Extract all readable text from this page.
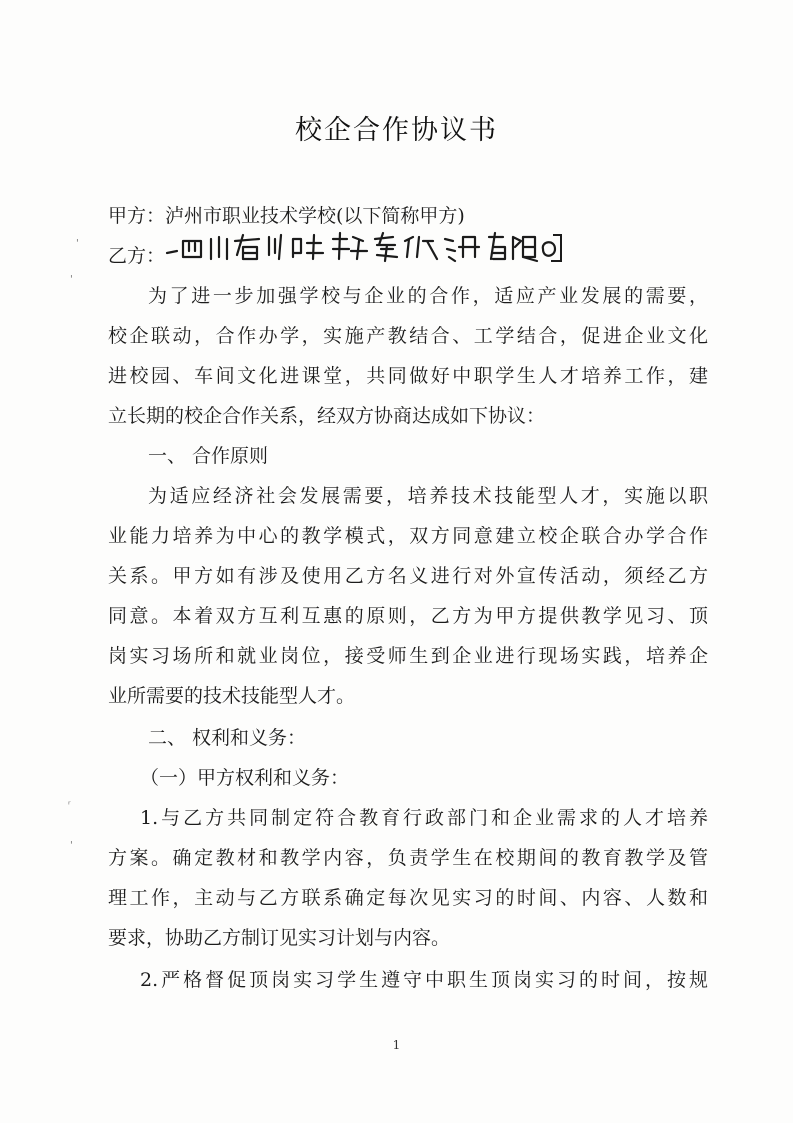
校企合作协议书
甲方：泸州市职业技术学校(以下简称甲方)
乙方：
为了进一步加强学校与企业的合作，适应产业发展的需要，
校企联动，合作办学，实施产教结合、工学结合，促进企业文化
进校园、车间文化进课堂，共同做好中职学生人才培养工作，建
立长期的校企合作关系，经双方协商达成如下协议：
一、 合作原则
为适应经济社会发展需要，培养技术技能型人才，实施以职
业能力培养为中心的教学模式，双方同意建立校企联合办学合作
关系。甲方如有涉及使用乙方名义进行对外宣传活动，须经乙方
同意。本着双方互利互惠的原则，乙方为甲方提供教学见习、顶
岗实习场所和就业岗位，接受师生到企业进行现场实践，培养企
业所需要的技术技能型人才。
二、 权利和义务：
（一）甲方权利和义务：
1.与乙方共同制定符合教育行政部门和企业需求的人才培养
方案。确定教材和教学内容，负责学生在校期间的教育教学及管
理工作，主动与乙方联系确定每次见实习的时间、内容、人数和
要求，协助乙方制订见实习计划与内容。
2.严格督促顶岗实习学生遵守中职生顶岗实习的时间，按规
'
ꞌ
ʳ
ꞌ
1
